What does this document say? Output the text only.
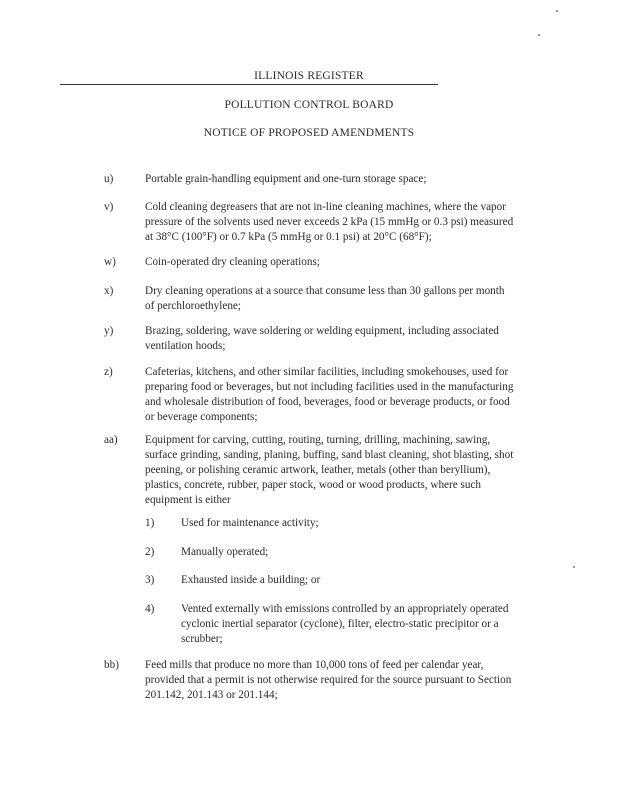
ILLINOIS REGISTER
POLLUTION CONTROL BOARD
NOTICE OF PROPOSED AMENDMENTS
u)	Portable grain-handling equipment and one-turn storage space;
v)	Cold cleaning degreasers that are not in-line cleaning machines, where the vapor
pressure of the solvents used never exceeds 2 kPa (15 mmHg or 0.3 psi) measured
at 38°C (100°F) or 0.7 kPa (5 mmHg or 0.1 psi) at 20°C (68°F);
w)	Coin-operated dry cleaning operations;
x)	Dry cleaning operations at a source that consume less than 30 gallons per month
of perchloroethylene;
y)	Brazing, soldering, wave soldering or welding equipment, including associated
ventilation hoods;
z)	Cafeterias, kitchens, and other similar facilities, including smokehouses, used for
preparing food or beverages, but not including facilities used in the manufacturing
and wholesale distribution of food, beverages, food or beverage products, or food
or beverage components;
aa)	Equipment for carving, cutting, routing, turning, drilling, machining, sawing,
surface grinding, sanding, planing, buffing, sand blast cleaning, shot blasting, shot
peening, or polishing ceramic artwork, leather, metals (other than beryllium),
plastics, concrete, rubber, paper stock, wood or wood products, where such
equipment is either
1)	Used for maintenance activity;
2)	Manually operated;
3)	Exhausted inside a building; or
4)	Vented externally with emissions controlled by an appropriately operated
cyclonic inertial separator (cyclone), filter, electro-static precipitor or a
scrubber;
bb)	Feed mills that produce no more than 10,000 tons of feed per calendar year,
provided that a permit is not otherwise required for the source pursuant to Section
201.142, 201.143 or 201.144;
